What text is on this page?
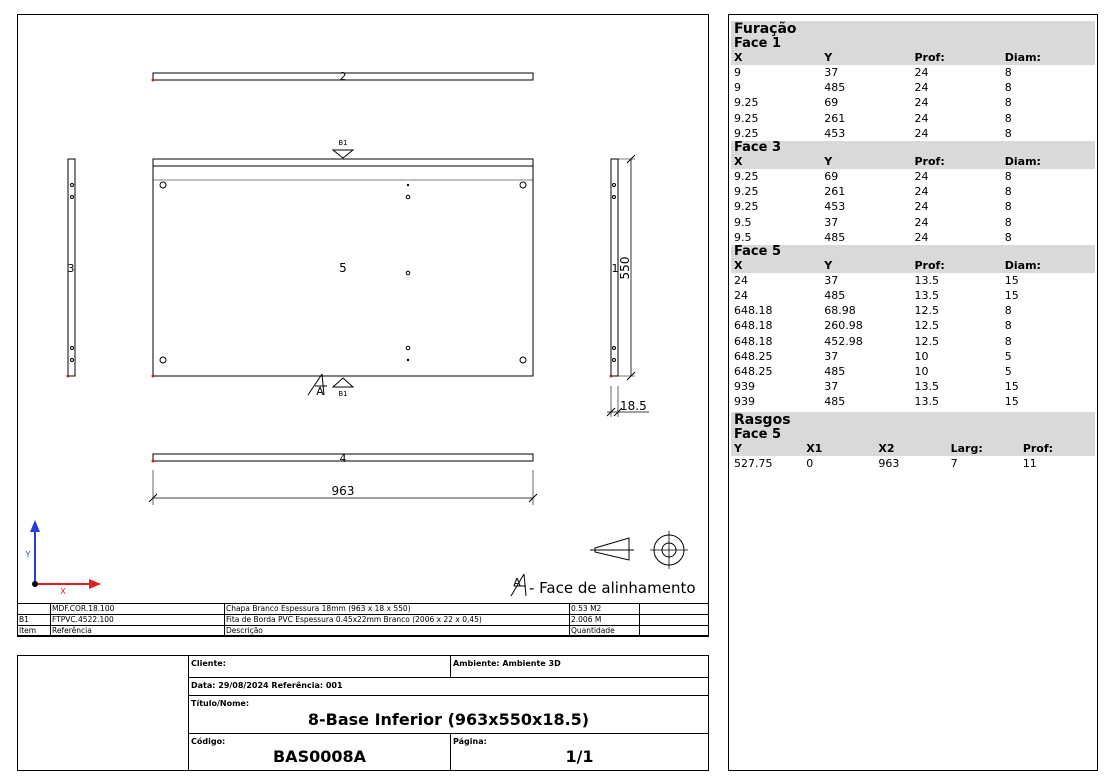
2
5
B1
B1
A
3	1 550
18.5
4
963
Y
X
A - Face de alinhamento
	MDF.COR.18.100	Chapa Branco Espessura 18mm (963 x 18 x 550)	0.53 M2	
B1	FTPVC.4522.100	Fita de Borda PVC Espessura 0.45x22mm Branco (2006 x 22 x 0,45)	2.006 M	
Item	Referência	Descrição	Quantidade	
Cliente:	Ambiente: Ambiente 3D
Data: 29/08/2024 Referência: 001
Título/Nome:
8-Base Inferior (963x550x18.5)
Código:
BAS0008A
Página:
1/1
Furação
Face 1
X	Y	Prof:	Diam:
9	37	24	8
9	485	24	8
9.25	69	24	8
9.25	261	24	8
9.25	453	24	8
Face 3
X	Y	Prof:	Diam:
9.25	69	24	8
9.25	261	24	8
9.25	453	24	8
9.5	37	24	8
9.5	485	24	8
Face 5
X	Y	Prof:	Diam:
24	37	13.5	15
24	485	13.5	15
648.18	68.98	12.5	8
648.18	260.98	12.5	8
648.18	452.98	12.5	8
648.25	37	10	5
648.25	485	10	5
939	37	13.5	15
939	485	13.5	15
Rasgos
Face 5
Y	X1	X2	Larg:	Prof:
527.75	0	963	7	11
